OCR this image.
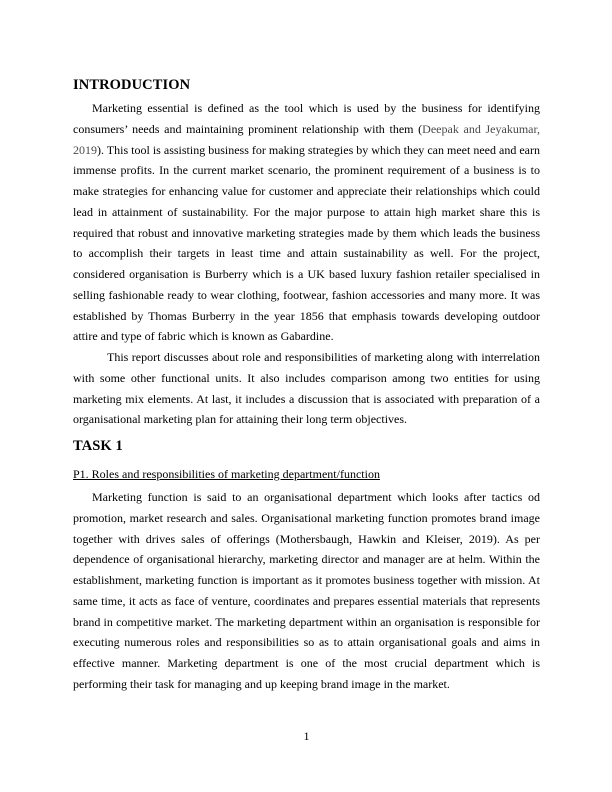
INTRODUCTION

Marketing essential is defined as the tool which is used by the business for identifying consumers’ needs and maintaining prominent relationship with them (Deepak and Jeyakumar, 2019). This tool is assisting business for making strategies by which they can meet need and earn immense profits. In the current market scenario, the prominent requirement of a business is to make strategies for enhancing value for customer and appreciate their relationships which could lead in attainment of sustainability. For the major purpose to attain high market share this is required that robust and innovative marketing strategies made by them which leads the business to accomplish their targets in least time and attain sustainability as well. For the project, considered organisation is Burberry which is a UK based luxury fashion retailer specialised in selling fashionable ready to wear clothing, footwear, fashion accessories and many more. It was established by Thomas Burberry in the year 1856 that emphasis towards developing outdoor attire and type of fabric which is known as Gabardine.

This report discusses about role and responsibilities of marketing along with interrelation with some other functional units. It also includes comparison among two entities for using marketing mix elements. At last, it includes a discussion that is associated with preparation of a organisational marketing plan for attaining their long term objectives.

TASK 1
P1. Roles and responsibilities of marketing department/function

Marketing function is said to an organisational department which looks after tactics od promotion, market research and sales. Organisational marketing function promotes brand image together with drives sales of offerings (Mothersbaugh, Hawkin and Kleiser, 2019). As per dependence of organisational hierarchy, marketing director and manager are at helm. Within the establishment, marketing function is important as it promotes business together with mission. At same time, it acts as face of venture, coordinates and prepares essential materials that represents brand in competitive market. The marketing department within an organisation is responsible for executing numerous roles and responsibilities so as to attain organisational goals and aims in effective manner. Marketing department is one of the most crucial department which is performing their task for managing and up keeping brand image in the market.

1
